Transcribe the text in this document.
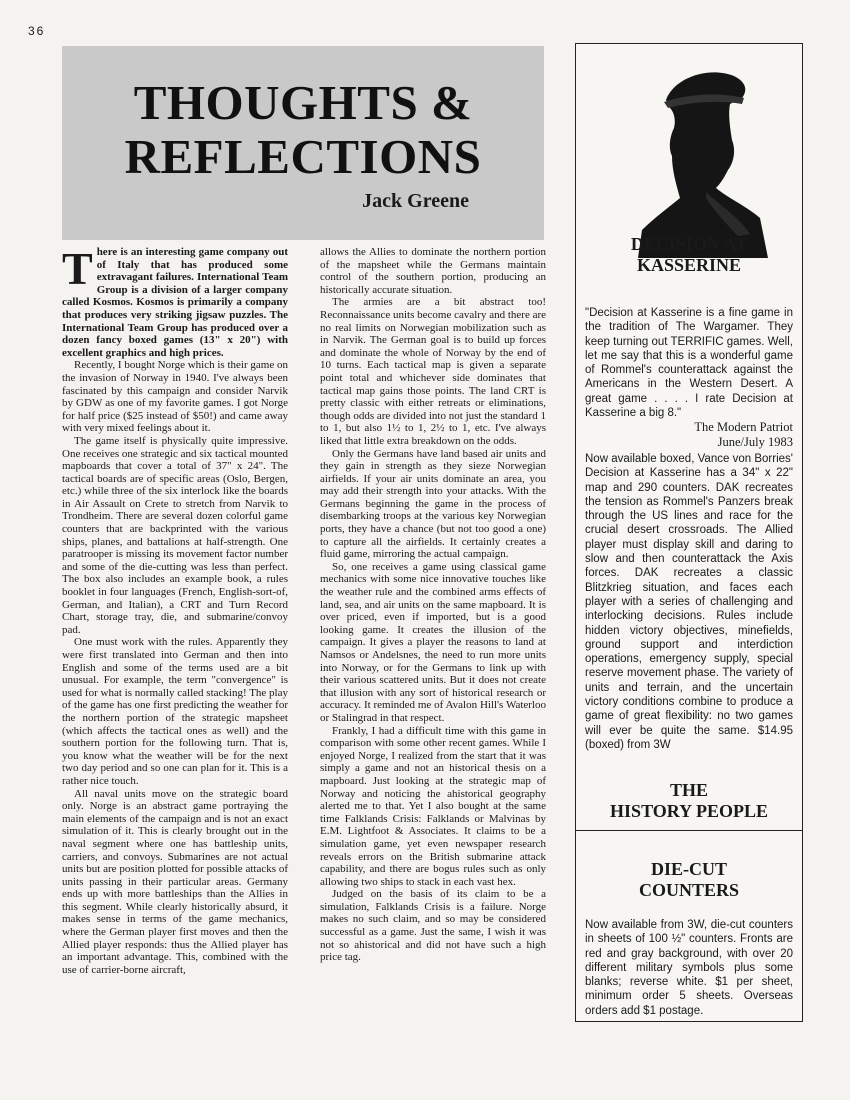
36
THOUGHTS &
REFLECTIONS
Jack Greene

There is an interesting game company out of Italy that has produced some extravagant failures. International Team Group is a division of a larger company called Kosmos. Kosmos is primarily a company that produces very striking jigsaw puzzles. The International Team Group has produced over a dozen fancy boxed games (13" x 20") with excellent graphics and high prices.

Recently, I bought Norge which is their game on the invasion of Norway in 1940. I've always been fascinated by this campaign and consider Narvik by GDW as one of my favorite games. I got Norge for half price ($25 instead of $50!) and came away with very mixed feelings about it.

The game itself is physically quite impressive. One receives one strategic and six tactical mounted mapboards that cover a total of 37" x 24". The tactical boards are of specific areas (Oslo, Bergen, etc.) while three of the six interlock like the boards in Air Assault on Crete to stretch from Narvik to Trondheim. There are several dozen colorful game counters that are backprinted with the various ships, planes, and battalions at half-strength. One paratrooper is missing its movement factor number and some of the die-cutting was less than perfect. The box also includes an example book, a rules booklet in four languages (French, English-sort-of, German, and Italian), a CRT and Turn Record Chart, storage tray, die, and submarine/convoy pad.

One must work with the rules. Apparently they were first translated into German and then into English and some of the terms used are a bit unusual. For example, the term "convergence" is used for what is normally called stacking! The play of the game has one first predicting the weather for the northern portion of the strategic mapsheet (which affects the tactical ones as well) and the southern portion for the following turn. That is, you know what the weather will be for the next two day period and so one can plan for it. This is a rather nice touch.

All naval units move on the strategic board only. Norge is an abstract game portraying the main elements of the campaign and is not an exact simulation of it. This is clearly brought out in the naval segment where one has battleship units, carriers, and convoys. Submarines are not actual units but are position plotted for possible attacks of units passing in their particular areas. Germany ends up with more battleships than the Allies in this segment. While clearly historically absurd, it makes sense in terms of the game mechanics, where the German player first moves and then the Allied player responds: thus the Allied player has an important advantage. This, combined with the use of carrier-borne aircraft,

allows the Allies to dominate the northern portion of the mapsheet while the Germans maintain control of the southern portion, producing an historically accurate situation.

The armies are a bit abstract too! Reconnaissance units become cavalry and there are no real limits on Norwegian mobilization such as in Narvik. The German goal is to build up forces and dominate the whole of Norway by the end of 10 turns. Each tactical map is given a separate point total and whichever side dominates that tactical map gains those points. The land CRT is pretty classic with either retreats or eliminations, though odds are divided into not just the standard 1 to 1, but also 1½ to 1, 2½ to 1, etc. I've always liked that little extra breakdown on the odds.

Only the Germans have land based air units and they gain in strength as they sieze Norwegian airfields. If your air units dominate an area, you may add their strength into your attacks. With the Germans beginning the game in the process of disembarking troops at the various key Norwegian ports, they have a chance (but not too good a one) to capture all the airfields. It certainly creates a fluid game, mirroring the actual campaign.

So, one receives a game using classical game mechanics with some nice innovative touches like the weather rule and the combined arms effects of land, sea, and air units on the same mapboard. It is over priced, even if imported, but is a good looking game. It creates the illusion of the campaign. It gives a player the reasons to land at Namsos or Andelsnes, the need to run more units into Norway, or for the Germans to link up with their various scattered units. But it does not create that illusion with any sort of historical research or accuracy. It reminded me of Avalon Hill's Waterloo or Stalingrad in that respect.

Frankly, I had a difficult time with this game in comparison with some other recent games. While I enjoyed Norge, I realized from the start that it was simply a game and not an historical thesis on a mapboard. Just looking at the strategic map of Norway and noticing the ahistorical geography alerted me to that. Yet I also bought at the same time Falklands Crisis: Falklands or Malvinas by E.M. Lightfoot & Associates. It claims to be a simulation game, yet even newspaper research reveals errors on the British submarine attack capability, and there are bogus rules such as only allowing two ships to stack in each vast hex.

Judged on the basis of its claim to be a simulation, Falklands Crisis is a failure. Norge makes no such claim, and so may be considered successful as a game. Just the same, I wish it was not so ahistorical and did not have such a high price tag.

DECISION AT
KASSERINE

"Decision at Kasserine is a fine game in the tradition of The Wargamer. They keep turning out TERRIFIC games. Well, let me say that this is a wonderful game of Rommel's counterattack against the Americans in the Western Desert. A great game . . . . I rate Decision at Kasserine a big 8."

The Modern Patriot

June/July 1983

Now available boxed, Vance von Borries' Decision at Kasserine has a 34" x 22" map and 290 counters. DAK recreates the tension as Rommel's Panzers break through the US lines and race for the crucial desert crossroads. The Allied player must display skill and daring to slow and then counterattack the Axis forces. DAK recreates a classic Blitzkrieg situation, and faces each player with a series of challenging and interlocking decisions. Rules include hidden victory objectives, minefields, ground support and interdiction operations, emergency supply, special reserve movement phase. The variety of units and terrain, and the uncertain victory conditions combine to produce a game of great flexibility: no two games will ever be quite the same. $14.95 (boxed) from 3W

THE
HISTORY PEOPLE
DIE-CUT
COUNTERS

Now available from 3W, die-cut counters in sheets of 100 ½" counters. Fronts are red and gray background, with over 20 different military symbols plus some blanks; reverse white. $1 per sheet, minimum order 5 sheets. Overseas orders add $1 postage.
